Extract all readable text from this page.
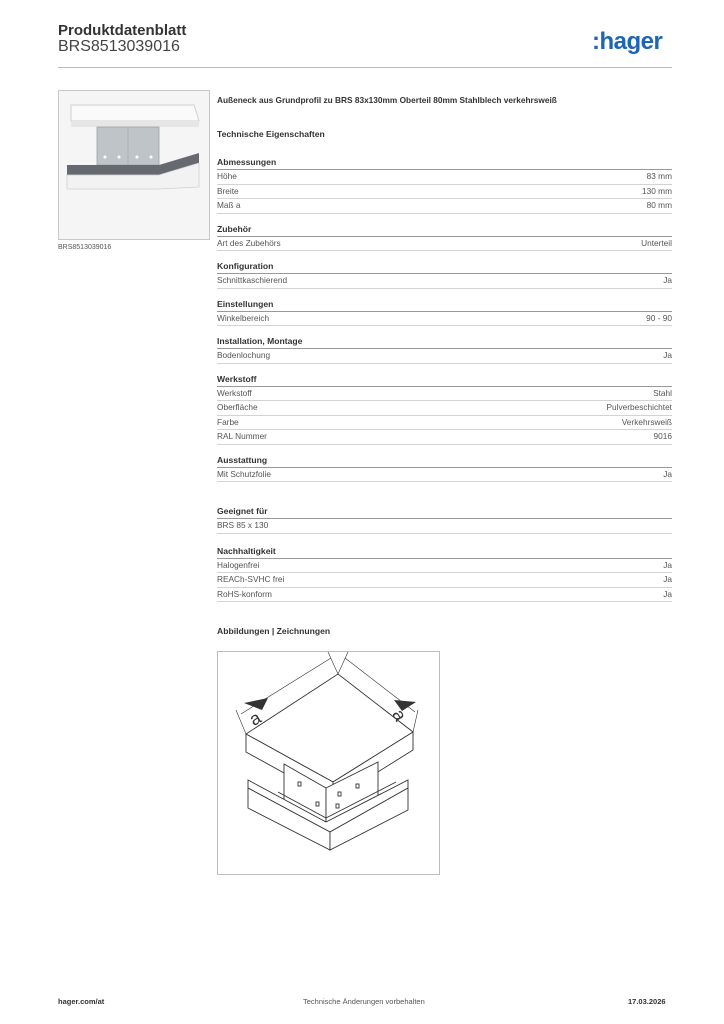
Produktdatenblatt
BRS8513039016	:hager
BRS8513039016
Außeneck aus Grundprofil zu BRS 83x130mm Oberteil 80mm Stahlblech verkehrsweiß
Technische Eigenschaften
Abmessungen
Höhe	83 mm
Breite	130 mm
Maß a	80 mm
Zubehör
Art des Zubehörs	Unterteil
Konfiguration
Schnittkaschierend	Ja
Einstellungen
Winkelbereich	90 - 90
Installation, Montage
Bodenlochung	Ja
Werkstoff
Werkstoff	Stahl
Oberfläche	Pulverbeschichtet
Farbe	Verkehrsweiß
RAL Nummer	9016
Ausstattung
Mit Schutzfolie	Ja
Geeignet für
BRS 85 x 130
Nachhaltigkeit
Halogenfrei	Ja
REACh-SVHC frei	Ja
RoHS-konform	Ja
Abbildungen | Zeichnungen
a	a
hager.com/at	Technische Änderungen vorbehalten	17.03.2026
